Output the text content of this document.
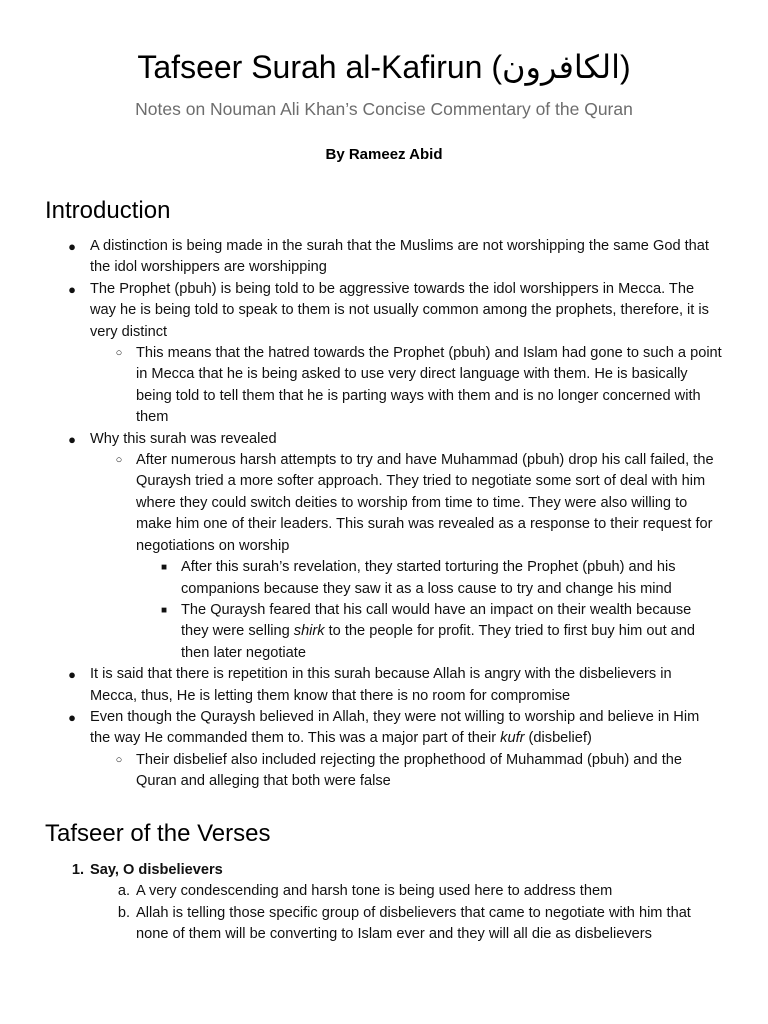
Tafseer Surah al-Kafirun (الكافرون)
Notes on Nouman Ali Khan’s Concise Commentary of the Quran
By Rameez Abid
Introduction
● A distinction is being made in the surah that the Muslims are not worshipping the same God that the idol worshippers are worshipping
● The Prophet (pbuh) is being told to be aggressive towards the idol worshippers in Mecca. The way he is being told to speak to them is not usually common among the prophets, therefore, it is very distinct
○ This means that the hatred towards the Prophet (pbuh) and Islam had gone to such a point in Mecca that he is being asked to use very direct language with them. He is basically being told to tell them that he is parting ways with them and is no longer concerned with them
● Why this surah was revealed
○ After numerous harsh attempts to try and have Muhammad (pbuh) drop his call failed, the Quraysh tried a more softer approach. They tried to negotiate some sort of deal with him where they could switch deities to worship from time to time. They were also willing to make him one of their leaders. This surah was revealed as a response to their request for negotiations on worship
■ After this surah’s revelation, they started torturing the Prophet (pbuh) and his companions because they saw it as a loss cause to try and change his mind
■ The Quraysh feared that his call would have an impact on their wealth because they were selling shirk to the people for profit. They tried to first buy him out and then later negotiate
● It is said that there is repetition in this surah because Allah is angry with the disbelievers in Mecca, thus, He is letting them know that there is no room for compromise
● Even though the Quraysh believed in Allah, they were not willing to worship and believe in Him the way He commanded them to. This was a major part of their kufr (disbelief)
○ Their disbelief also included rejecting the prophethood of Muhammad (pbuh) and the Quran and alleging that both were false
Tafseer of the Verses
1. Say, O disbelievers
a. A very condescending and harsh tone is being used here to address them
b. Allah is telling those specific group of disbelievers that came to negotiate with him that none of them will be converting to Islam ever and they will all die as disbelievers
